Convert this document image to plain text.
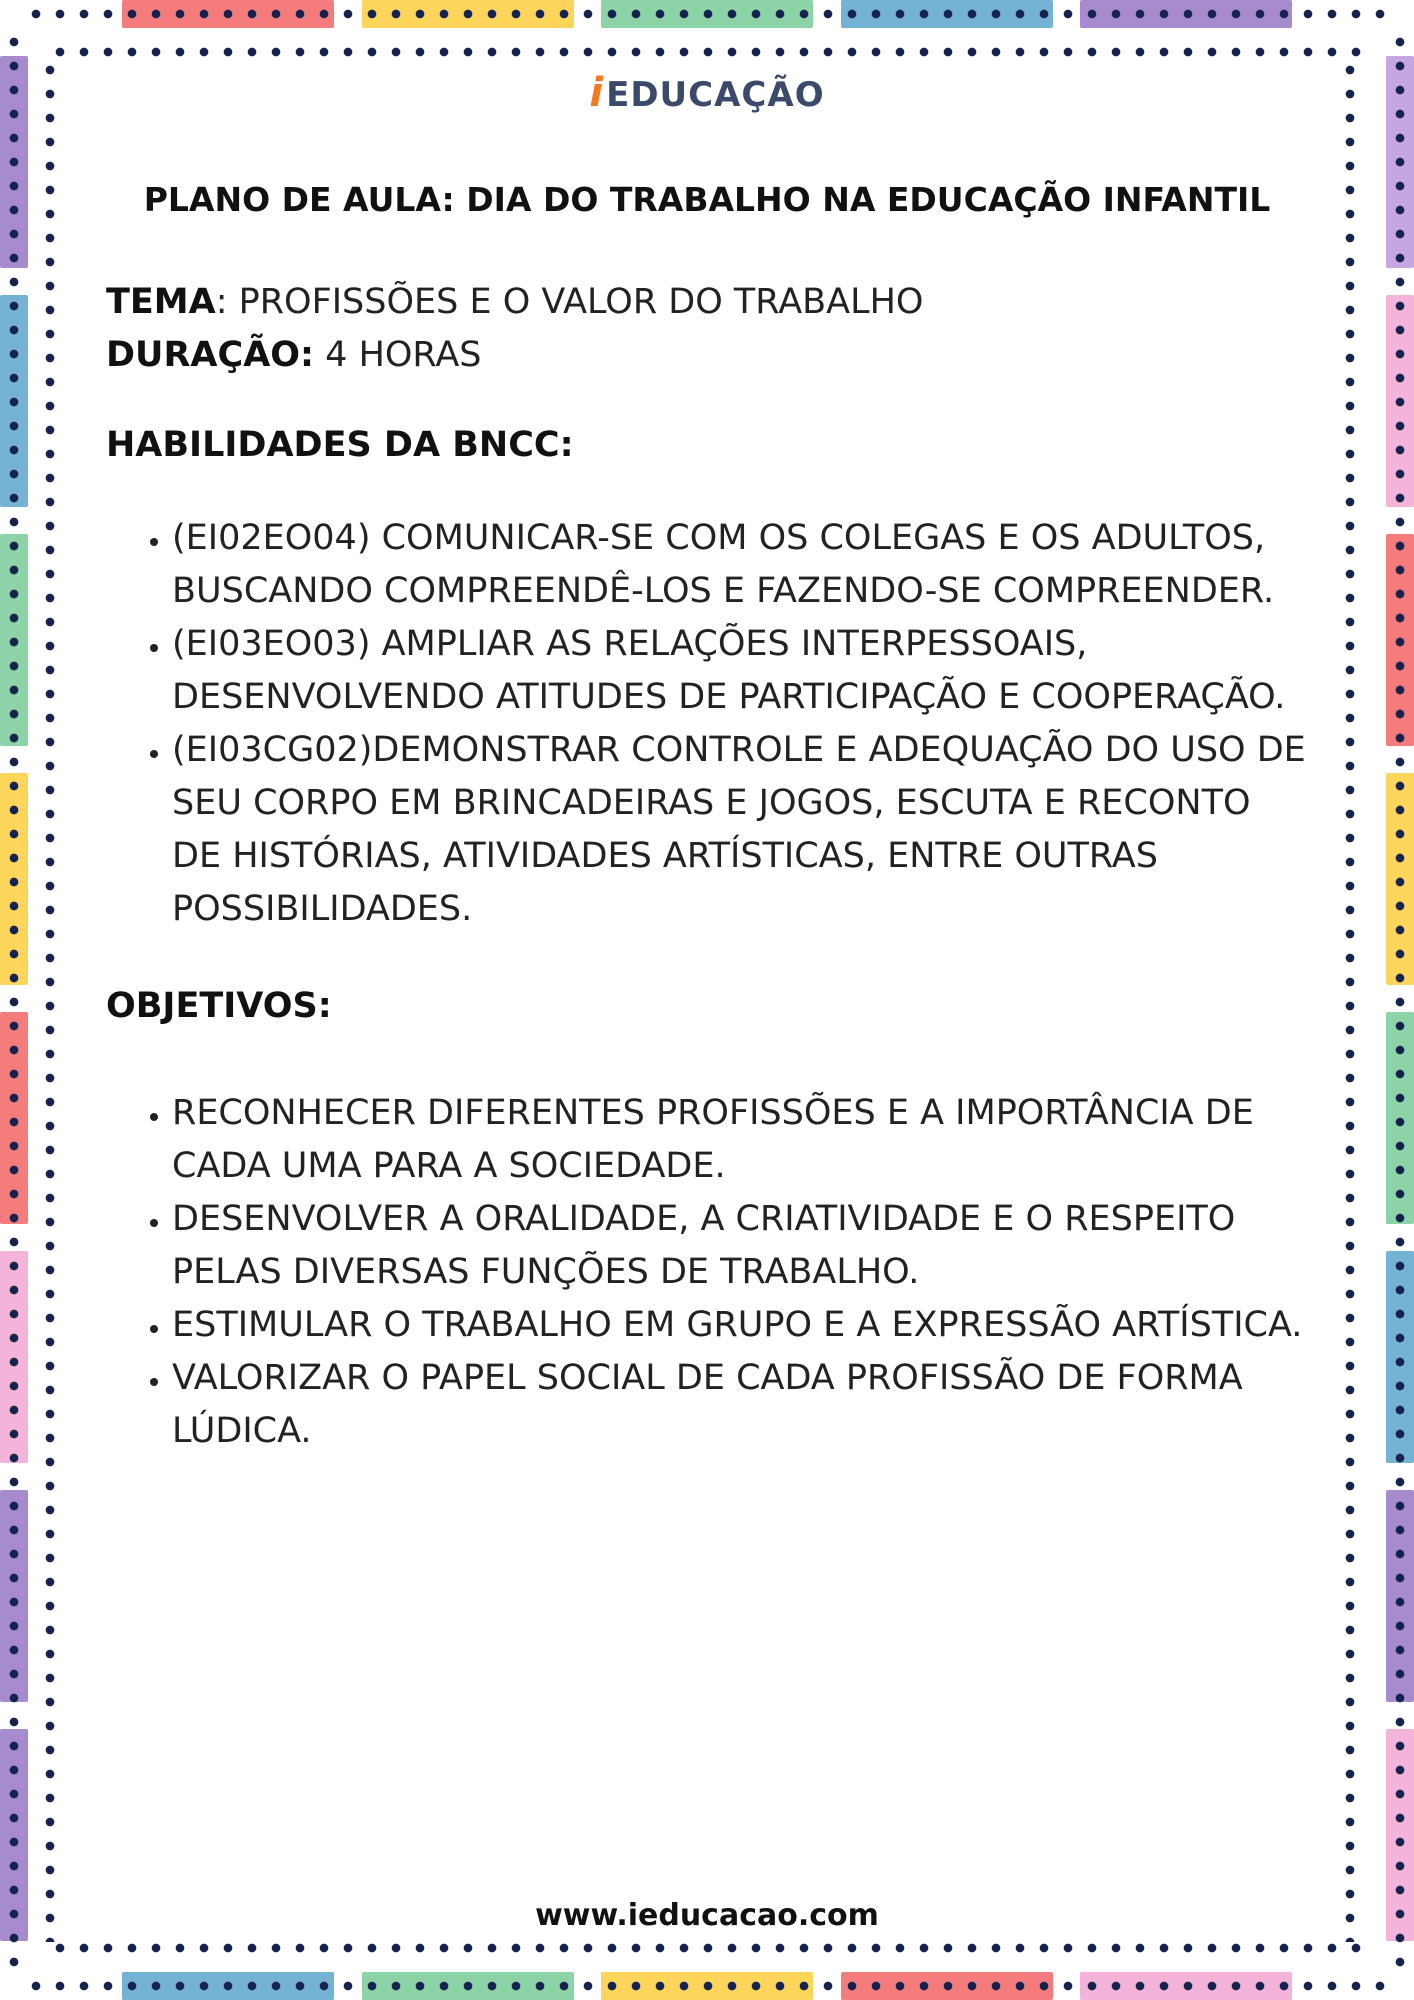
iEDUCAÇÃO
PLANO DE AULA: DIA DO TRABALHO NA EDUCAÇÃO INFANTIL

TEMA: PROFISSÕES E O VALOR DO TRABALHO

DURAÇÃO: 4 HORAS

HABILIDADES DA BNCC:

• (EI02EO04) COMUNICAR-SE COM OS COLEGAS E OS ADULTOS, BUSCANDO COMPREENDÊ-LOS E FAZENDO-SE COMPREENDER.
• (EI03EO03) AMPLIAR AS RELAÇÕES INTERPESSOAIS, DESENVOLVENDO ATITUDES DE PARTICIPAÇÃO E COOPERAÇÃO.
• (EI03CG02)DEMONSTRAR CONTROLE E ADEQUAÇÃO DO USO DE SEU CORPO EM BRINCADEIRAS E JOGOS, ESCUTA E RECONTO DE HISTÓRIAS, ATIVIDADES ARTÍSTICAS, ENTRE OUTRAS POSSIBILIDADES.

OBJETIVOS:

• RECONHECER DIFERENTES PROFISSÕES E A IMPORTÂNCIA DE CADA UMA PARA A SOCIEDADE.
• DESENVOLVER A ORALIDADE, A CRIATIVIDADE E O RESPEITO PELAS DIVERSAS FUNÇÕES DE TRABALHO.
• ESTIMULAR O TRABALHO EM GRUPO E A EXPRESSÃO ARTÍSTICA.
• VALORIZAR O PAPEL SOCIAL DE CADA PROFISSÃO DE FORMA LÚDICA.
www.ieducacao.com
